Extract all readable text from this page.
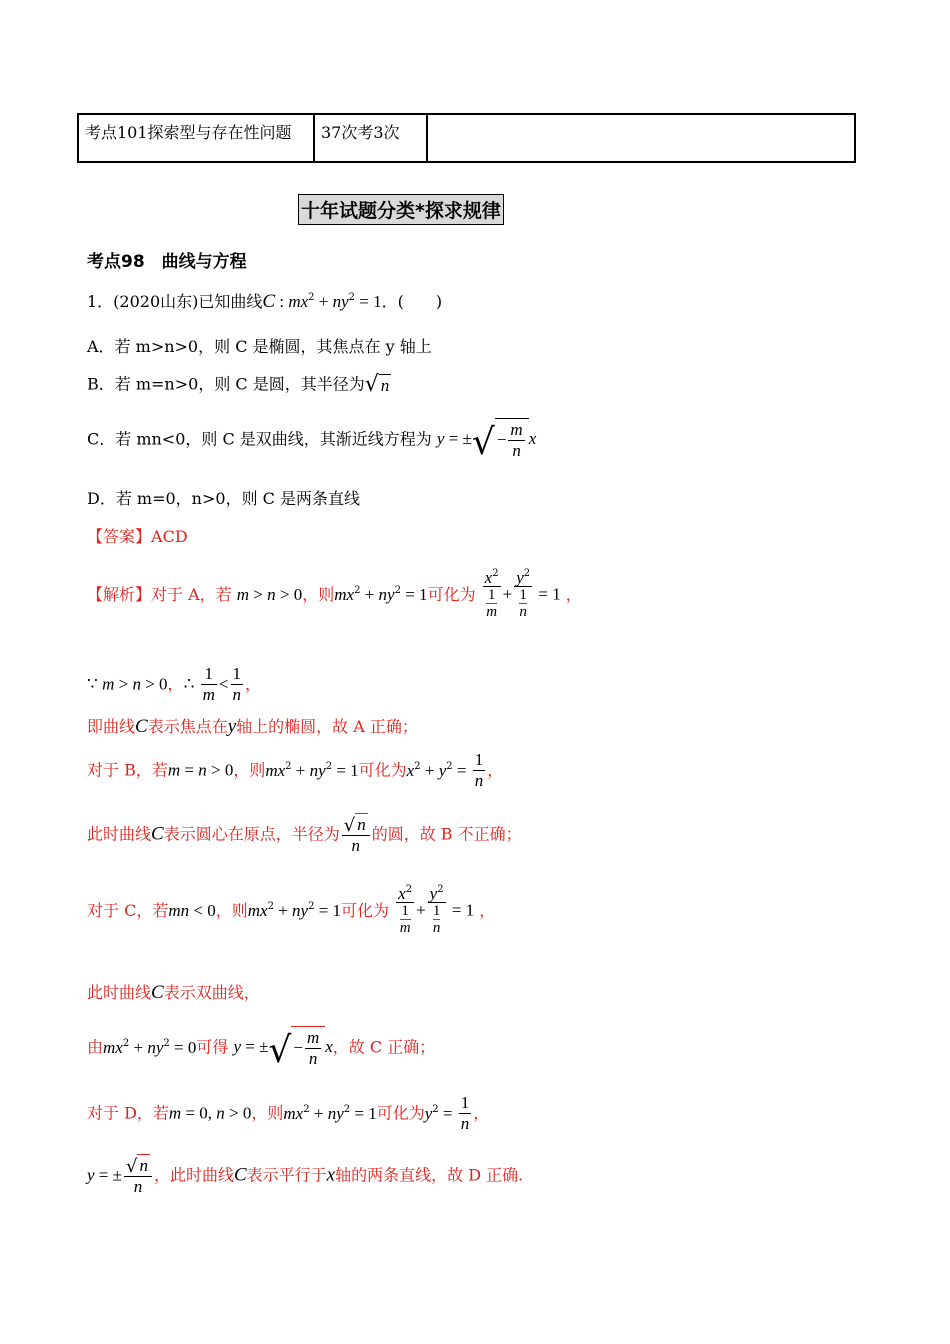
考点101探索型与存在性问题	37次考3次	
十年试题分类*探求规律
考点98　曲线与方程
1．(2020山东)已知曲线C : $mx^2 + ny^2 = 1$．(　　)
A．若 m>n>0，则 C 是椭圆，其焦点在 y 轴上
B．若 m=n>0，则 C 是圆，其半径为 √ n
C．若 mn<0，则 C 是双曲线，其渐近线方程为 y = ± √ − $\frac{m}{n}$ x
D．若 m=0，n>0，则 C 是两条直线
【答案】ACD
【解析】对于 A，若 m > n > 0，则$mx^2 + ny^2 = 1$可化为 $\frac{x^2}{\frac{1}{m}} + \frac{y^2}{\frac{1}{n}} = 1$ ，
∵ m > n > 0，∴ $\frac{1}{m} < \frac{1}{n}$ ，
即曲线C表示焦点在y轴上的椭圆，故 A 正确；
对于 B，若m = n > 0，则$mx^2 + ny^2 = 1$可化为$x^2 + y^2 = \frac{1}{n}$ ，
此时曲线C表示圆心在原点，半径为 $\frac{√ n}{n}$ 的圆，故 B 不正确；
对于 C，若mn < 0，则$mx^2 + ny^2 = 1$可化为 $\frac{x^2}{\frac{1}{m}} + \frac{y^2}{\frac{1}{n}} = 1$ ，
此时曲线C表示双曲线，
由$mx^2 + ny^2 = 0$可得 y = ± √ − $\frac{m}{n}$ x，故 C 正确；
对于 D，若m = 0, n > 0，则$mx^2 + ny^2 = 1$可化为$y^2 = \frac{1}{n}$ ，
y = ± $\frac{√ n}{n}$ ，此时曲线C表示平行于x轴的两条直线，故 D 正确.
